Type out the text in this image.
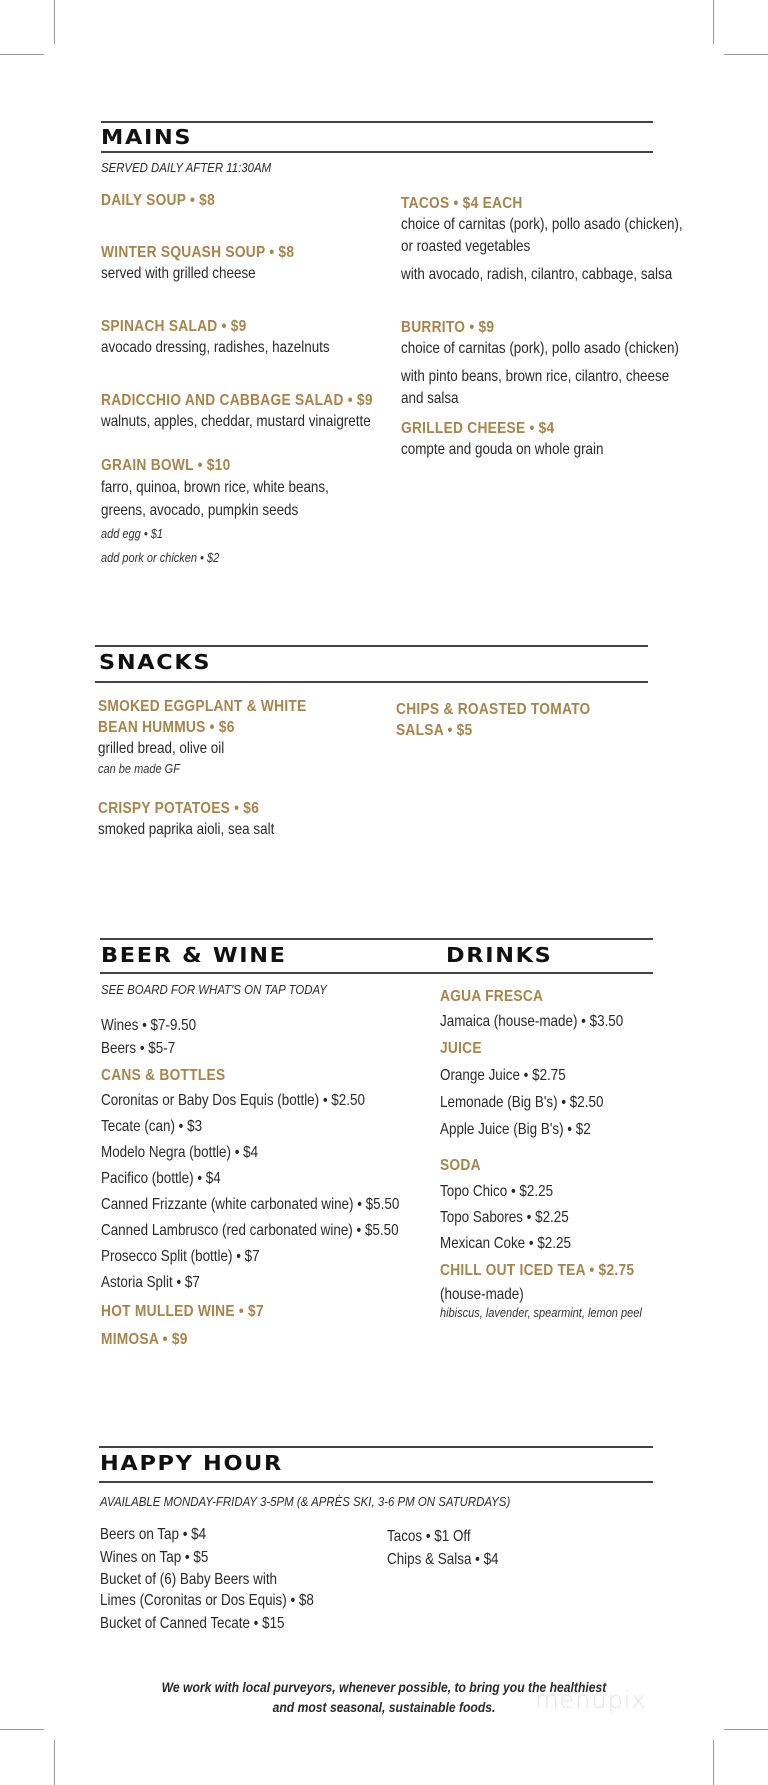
MAINS
SERVED DAILY AFTER 11:30AM
DAILY SOUP • $8
WINTER SQUASH SOUP • $8
served with grilled cheese
SPINACH SALAD • $9
avocado dressing, radishes, hazelnuts
RADICCHIO AND CABBAGE SALAD • $9
walnuts, apples, cheddar, mustard vinaigrette
GRAIN BOWL • $10
farro, quinoa, brown rice, white beans,
greens, avocado, pumpkin seeds
add egg • $1
add pork or chicken • $2
TACOS • $4 EACH
choice of carnitas (pork), pollo asado (chicken),
or roasted vegetables
with avocado, radish, cilantro, cabbage, salsa
BURRITO • $9
choice of carnitas (pork), pollo asado (chicken)
with pinto beans, brown rice, cilantro, cheese
and salsa
GRILLED CHEESE • $4
compte and gouda on whole grain
SNACKS
SMOKED EGGPLANT & WHITE
BEAN HUMMUS • $6
grilled bread, olive oil
can be made GF
CRISPY POTATOES • $6
smoked paprika aioli, sea salt
CHIPS & ROASTED TOMATO
SALSA • $5
BEER & WINE
SEE BOARD FOR WHAT'S ON TAP TODAY
Wines • $7-9.50
Beers • $5-7
CANS & BOTTLES
Coronitas or Baby Dos Equis (bottle) • $2.50
Tecate (can) • $3
Modelo Negra (bottle) • $4
Pacifico (bottle) • $4
Canned Frizzante (white carbonated wine) • $5.50
Canned Lambrusco (red carbonated wine) • $5.50
Prosecco Split (bottle) • $7
Astoria Split • $7
HOT MULLED WINE • $7
MIMOSA • $9
DRINKS
AGUA FRESCA
Jamaica (house-made) • $3.50
JUICE
Orange Juice • $2.75
Lemonade (Big B's) • $2.50
Apple Juice (Big B's) • $2
SODA
Topo Chico • $2.25
Topo Sabores • $2.25
Mexican Coke • $2.25
CHILL OUT ICED TEA • $2.75
(house-made)
hibiscus, lavender, spearmint, lemon peel
HAPPY HOUR
AVAILABLE MONDAY-FRIDAY 3-5PM (& APRÈS SKI, 3-6 PM ON SATURDAYS)
Beers on Tap • $4
Wines on Tap • $5
Bucket of (6) Baby Beers with
Limes (Coronitas or Dos Equis) • $8
Bucket of Canned Tecate • $15
Tacos • $1 Off
Chips & Salsa • $4
We work with local purveyors, whenever possible, to bring you the healthiest
and most seasonal, sustainable foods.	menupix
